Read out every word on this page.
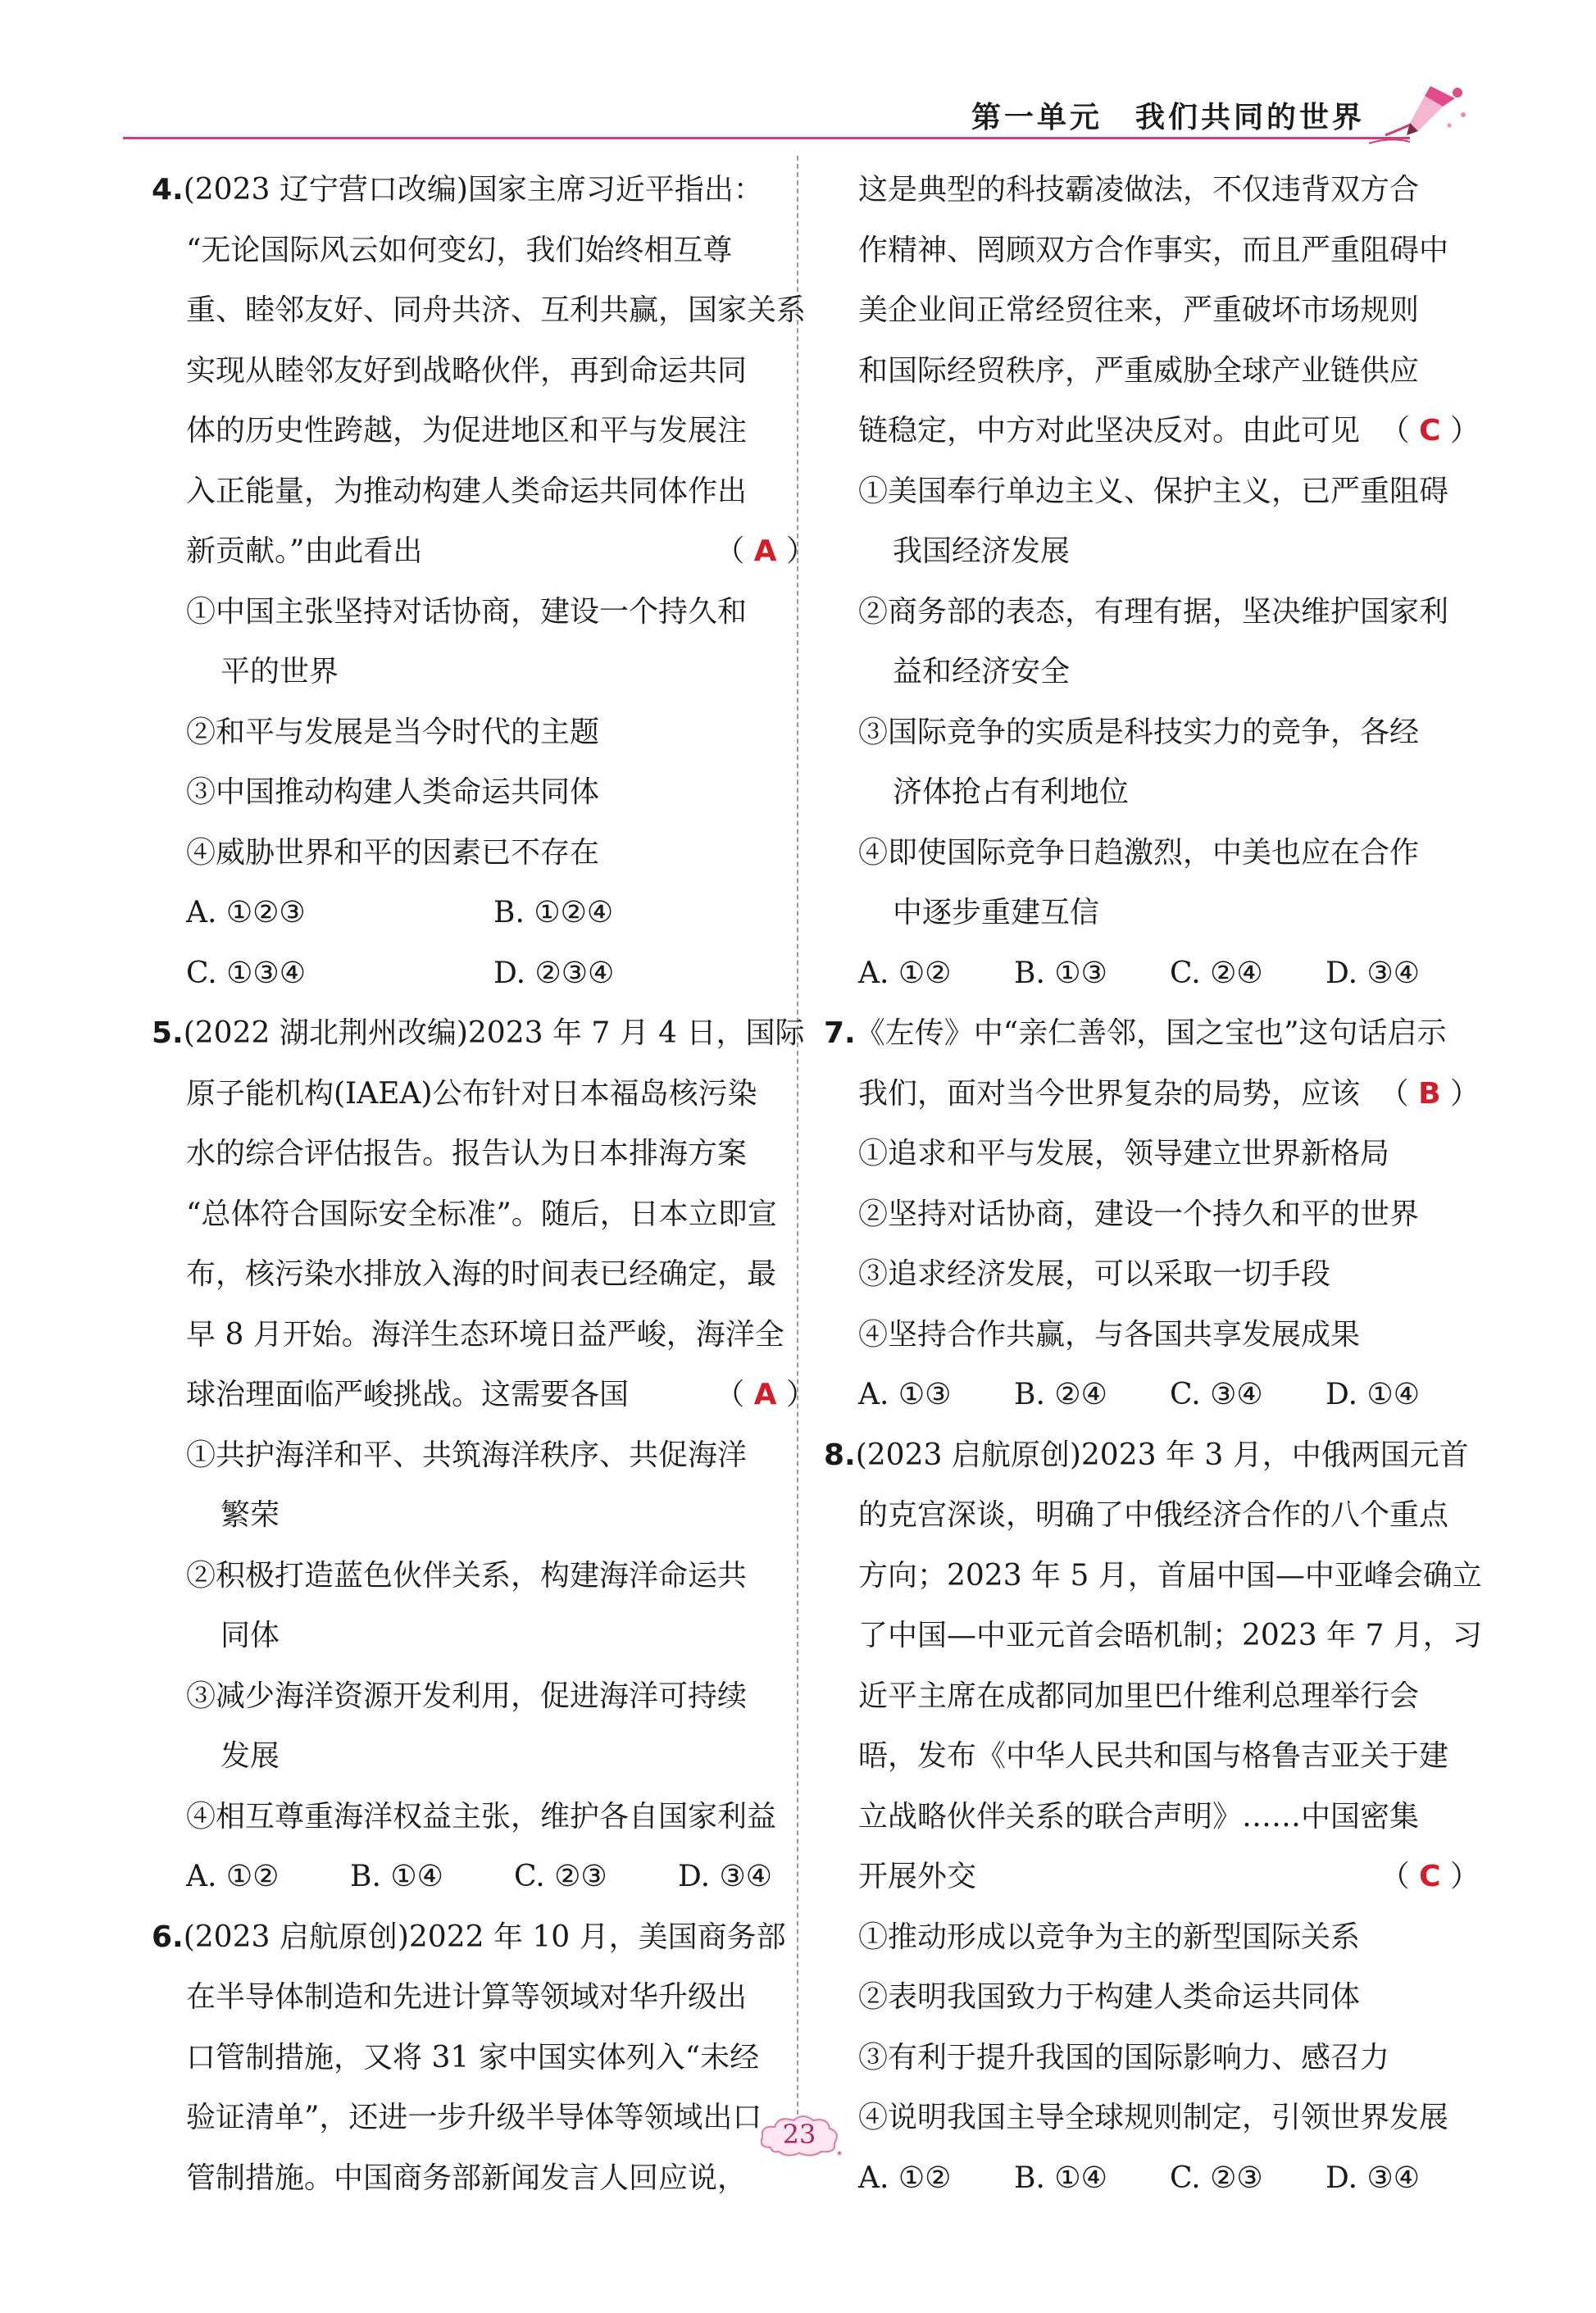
第一单元　我们共同的世界
4.(2023 辽宁营口改编)国家主席习近平指出：
“无论国际风云如何变幻，我们始终相互尊
重、睦邻友好、同舟共济、互利共赢，国家关系
实现从睦邻友好到战略伙伴，再到命运共同
体的历史性跨越，为促进地区和平与发展注
入正能量，为推动构建人类命运共同体作出
新贡献。”由此看出	（ A ）
①中国主张坚持对话协商，建设一个持久和
平的世界
②和平与发展是当今时代的主题
③中国推动构建人类命运共同体
④威胁世界和平的因素已不存在
A. ①②③	B. ①②④
C. ①③④	D. ②③④
5.(2022 湖北荆州改编)2023 年 7 月 4 日，国际
原子能机构(IAEA)公布针对日本福岛核污染
水的综合评估报告。报告认为日本排海方案
“总体符合国际安全标准”。随后，日本立即宣
布，核污染水排放入海的时间表已经确定，最
早 8 月开始。海洋生态环境日益严峻，海洋全
球治理面临严峻挑战。这需要各国	（ A ）
①共护海洋和平、共筑海洋秩序、共促海洋
繁荣
②积极打造蓝色伙伴关系，构建海洋命运共
同体
③减少海洋资源开发利用，促进海洋可持续
发展
④相互尊重海洋权益主张，维护各自国家利益
A. ①②	B. ①④	C. ②③	D. ③④
6.(2023 启航原创)2022 年 10 月，美国商务部
在半导体制造和先进计算等领域对华升级出
口管制措施，又将 31 家中国实体列入“未经
验证清单”，还进一步升级半导体等领域出口
管制措施。中国商务部新闻发言人回应说，
这是典型的科技霸凌做法，不仅违背双方合
作精神、罔顾双方合作事实，而且严重阻碍中
美企业间正常经贸往来，严重破坏市场规则
和国际经贸秩序，严重威胁全球产业链供应
链稳定，中方对此坚决反对。由此可见 （ C ）
①美国奉行单边主义、保护主义，已严重阻碍
我国经济发展
②商务部的表态，有理有据，坚决维护国家利
益和经济安全
③国际竞争的实质是科技实力的竞争，各经
济体抢占有利地位
④即使国际竞争日趋激烈，中美也应在合作
中逐步重建互信
A. ①②	B. ①③	C. ②④	D. ③④
7.《左传》中“亲仁善邻，国之宝也”这句话启示
我们，面对当今世界复杂的局势，应该 （ B ）
①追求和平与发展，领导建立世界新格局
②坚持对话协商，建设一个持久和平的世界
③追求经济发展，可以采取一切手段
④坚持合作共赢，与各国共享发展成果
A. ①③	B. ②④	C. ③④	D. ①④
8.(2023 启航原创)2023 年 3 月，中俄两国元首
的克宫深谈，明确了中俄经济合作的八个重点
方向；2023 年 5 月，首届中国—中亚峰会确立
了中国—中亚元首会晤机制；2023 年 7 月，习
近平主席在成都同加里巴什维利总理举行会
晤，发布《中华人民共和国与格鲁吉亚关于建
立战略伙伴关系的联合声明》……中国密集
开展外交	（ C ）
①推动形成以竞争为主的新型国际关系
②表明我国致力于构建人类命运共同体
③有利于提升我国的国际影响力、感召力
④说明我国主导全球规则制定，引领世界发展
A. ①②	B. ①④	C. ②③	D. ③④
23
